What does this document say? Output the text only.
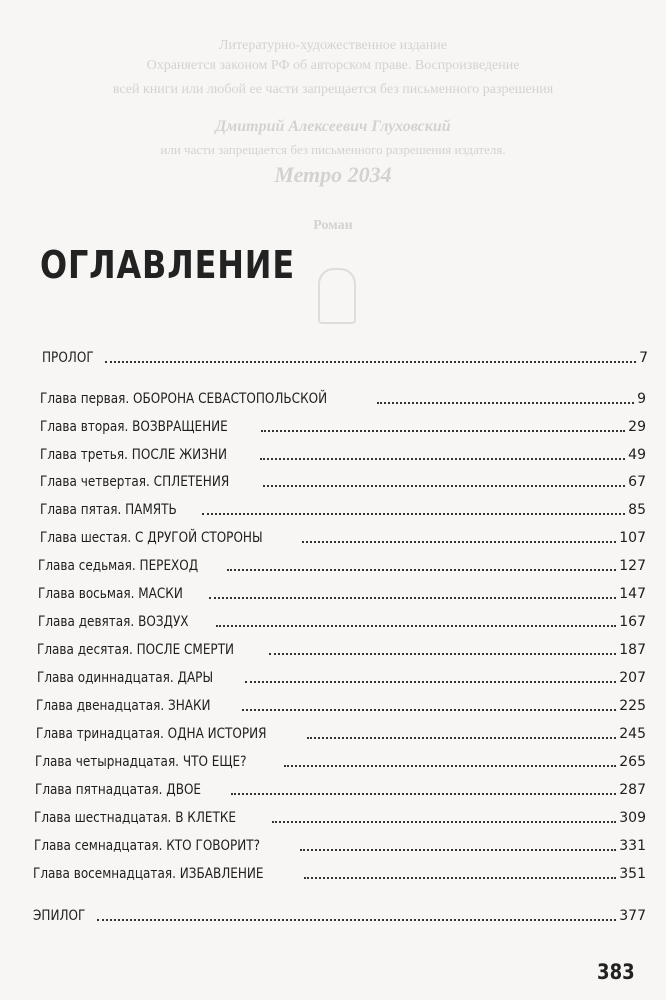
Литературно-художественное издание
Охраняется законом РФ об авторском праве. Воспроизведение
всей книги или любой ее части запрещается без письменного разрешения
Дмитрий Алексеевич Глуховский
или части запрещается без письменного разрешения издателя.
Метро 2034
Роман
ОГЛАВЛЕНИЕ
ПРОЛОГ	7
Глава первая. ОБОРОНА СЕВАСТОПОЛЬСКОЙ	9
Глава вторая. ВОЗВРАЩЕНИЕ	29
Глава третья. ПОСЛЕ ЖИЗНИ	49
Глава четвертая. СПЛЕТЕНИЯ	67
Глава пятая. ПАМЯТЬ	85
Глава шестая. С ДРУГОЙ СТОРОНЫ	107
Глава седьмая. ПЕРЕХОД	127
Глава восьмая. МАСКИ	147
Глава девятая. ВОЗДУХ	167
Глава десятая. ПОСЛЕ СМЕРТИ	187
Глава одиннадцатая. ДАРЫ	207
Глава двенадцатая. ЗНАКИ	225
Глава тринадцатая. ОДНА ИСТОРИЯ	245
Глава четырнадцатая. ЧТО ЕЩЕ?	265
Глава пятнадцатая. ДВОЕ	287
Глава шестнадцатая. В КЛЕТКЕ	309
Глава семнадцатая. КТО ГОВОРИТ?	331
Глава восемнадцатая. ИЗБАВЛЕНИЕ	351
ЭПИЛОГ	377
383
